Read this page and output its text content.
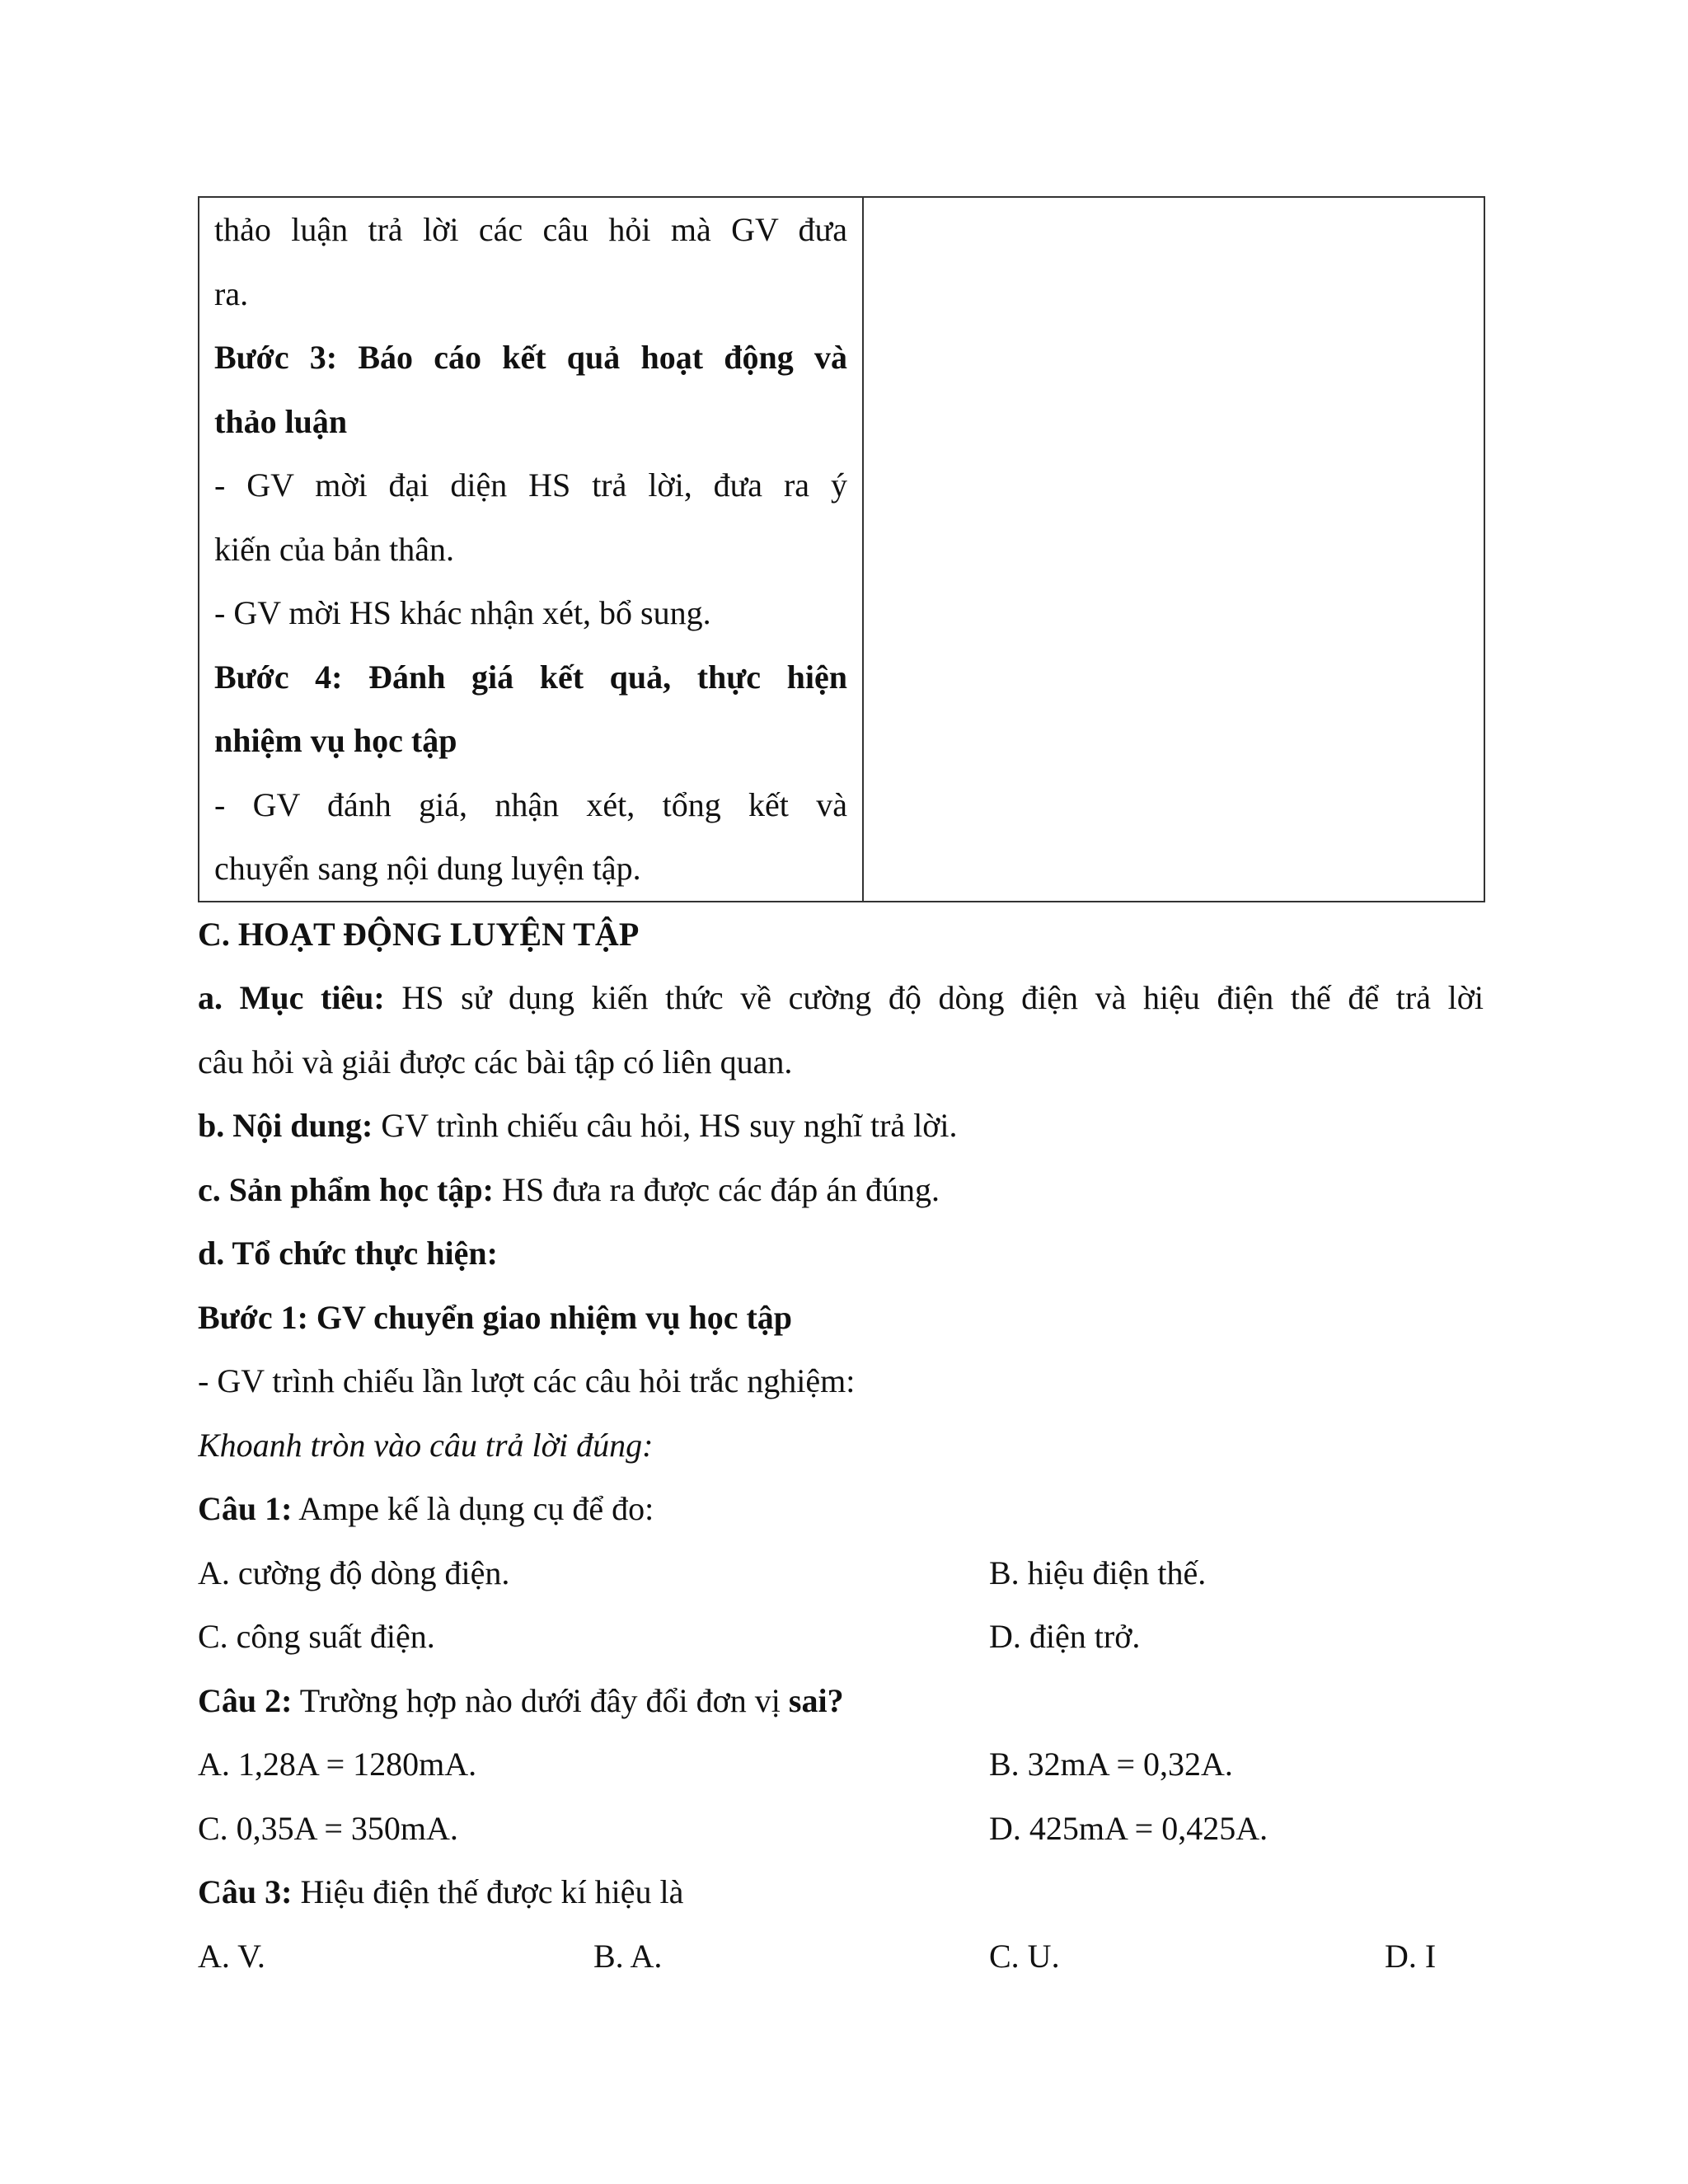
thảo luận trả lời các câu hỏi mà GV đưa
ra.
Bước 3: Báo cáo kết quả hoạt động và
thảo luận
- GV mời đại diện HS trả lời, đưa ra ý
kiến của bản thân.
- GV mời HS khác nhận xét, bổ sung.
Bước 4: Đánh giá kết quả, thực hiện
nhiệm vụ học tập
- GV đánh giá, nhận xét, tổng kết và
chuyển sang nội dung luyện tập.

C. HOẠT ĐỘNG LUYỆN TẬP
a. Mục tiêu: HS sử dụng kiến thức về cường độ dòng điện và hiệu điện thế để trả lời
câu hỏi và giải được các bài tập có liên quan.
b. Nội dung: GV trình chiếu câu hỏi, HS suy nghĩ trả lời.
c. Sản phẩm học tập: HS đưa ra được các đáp án đúng.
d. Tổ chức thực hiện:
Bước 1: GV chuyển giao nhiệm vụ học tập
- GV trình chiếu lần lượt các câu hỏi trắc nghiệm:
Khoanh tròn vào câu trả lời đúng:
Câu 1: Ampe kế là dụng cụ để đo:
A. cường độ dòng điện.	B. hiệu điện thế.
C. công suất điện.	D. điện trở.
Câu 2: Trường hợp nào dưới đây đổi đơn vị sai?
A. 1,28A = 1280mA.	B. 32mA = 0,32A.
C. 0,35A = 350mA.	D. 425mA = 0,425A.
Câu 3: Hiệu điện thế được kí hiệu là
A. V.	B. A.	C. U.	D. I
